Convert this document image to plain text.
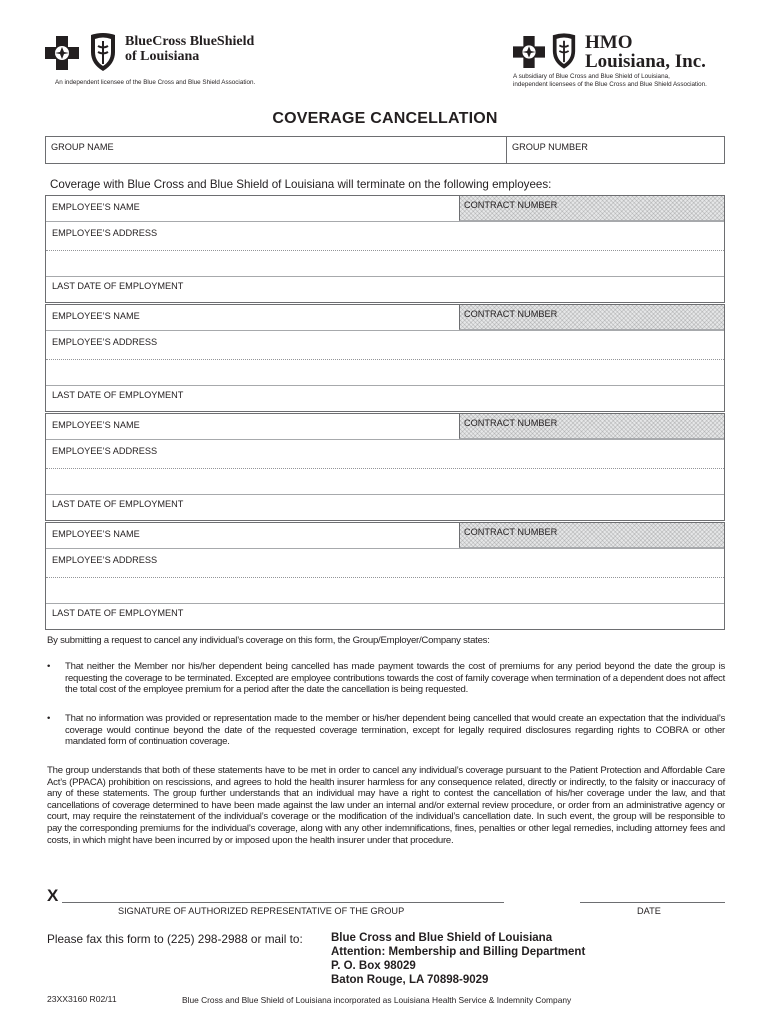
BlueCross BlueShield
of Louisiana
An independent licensee of the Blue Cross and Blue Shield Association.
HMO
Louisiana, Inc.
A subsidiary of Blue Cross and Blue Shield of Louisiana,
independent licensees of the Blue Cross and Blue Shield Association.
COVERAGE CANCELLATION
GROUP NAME	GROUP NUMBER
Coverage with Blue Cross and Blue Shield of Louisiana will terminate on the following employees:
EMPLOYEE’S NAME	CONTRACT NUMBER
EMPLOYEE’S ADDRESS
LAST DATE OF EMPLOYMENT
EMPLOYEE’S NAME	CONTRACT NUMBER
EMPLOYEE’S ADDRESS
LAST DATE OF EMPLOYMENT
EMPLOYEE’S NAME	CONTRACT NUMBER
EMPLOYEE’S ADDRESS
LAST DATE OF EMPLOYMENT
EMPLOYEE’S NAME	CONTRACT NUMBER
EMPLOYEE’S ADDRESS
LAST DATE OF EMPLOYMENT
By submitting a request to cancel any individual’s coverage on this form, the Group/Employer/Company states:
• That neither the Member nor his/her dependent being cancelled has made payment towards the cost of premiums for any period beyond the date the group is requesting the coverage to be terminated. Excepted are employee contributions towards the cost of family coverage when termination of a dependent does not affect the total cost of the employee premium for a period after the date the cancellation is being requested.
• That no information was provided or representation made to the member or his/her dependent being cancelled that would create an expectation that the individual’s coverage would continue beyond the date of the requested coverage termination, except for legally required disclosures regarding rights to COBRA or other mandated form of continuation coverage.
The group understands that both of these statements have to be met in order to cancel any individual’s coverage pursuant to the Patient Protection and Affordable Care Act’s (PPACA) prohibition on rescissions, and agrees to hold the health insurer harmless for any consequence related, directly or indirectly, to the falsity or inaccuracy of any of these statements. The group further understands that an individual may have a right to contest the cancellation of his/her coverage under the law, and that cancellations of coverage determined to have been made against the law under an internal and/or external review procedure, or order from an administrative agency or court, may require the reinstatement of the individual’s coverage or the modification of the individual’s cancellation date. In such event, the group will be responsible to pay the corresponding premiums for the individual’s coverage, along with any other indemnifications, fines, penalties or other legal remedies, including attorney fees and costs, in which might have been incurred by or imposed upon the health insurer under that procedure.
X
SIGNATURE OF AUTHORIZED REPRESENTATIVE OF THE GROUP	DATE
Please fax this form to (225) 298-2988 or mail to: Blue Cross and Blue Shield of Louisiana
Attention: Membership and Billing Department
P. O. Box 98029
Baton Rouge, LA 70898-9029
23XX3160 R02/11	Blue Cross and Blue Shield of Louisiana incorporated as Louisiana Health Service & Indemnity Company
